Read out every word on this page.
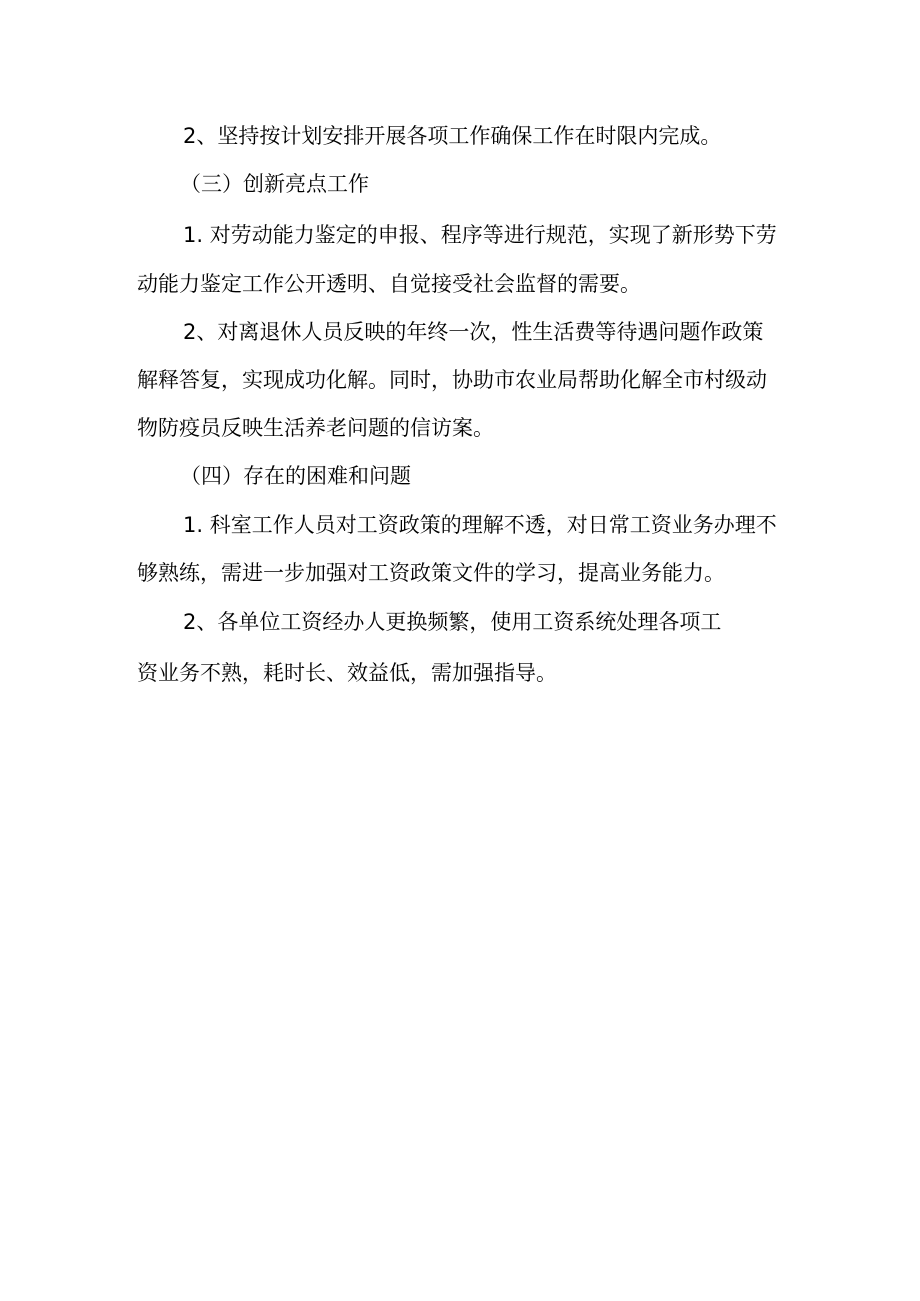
2、坚持按计划安排开展各项工作确保工作在时限内完成。
（三）创新亮点工作
1. 对劳动能力鉴定的申报、程序等进行规范，实现了新形势下劳
动能力鉴定工作公开透明、自觉接受社会监督的需要。
2、对离退休人员反映的年终一次，性生活费等待遇问题作政策
解释答复，实现成功化解。同时，协助市农业局帮助化解全市村级动
物防疫员反映生活养老问题的信访案。
（四）存在的困难和问题
1. 科室工作人员对工资政策的理解不透，对日常工资业务办理不
够熟练，需进一步加强对工资政策文件的学习，提高业务能力。
2、各单位工资经办人更换频繁，使用工资系统处理各项工
资业务不熟，耗时长、效益低，需加强指导。
